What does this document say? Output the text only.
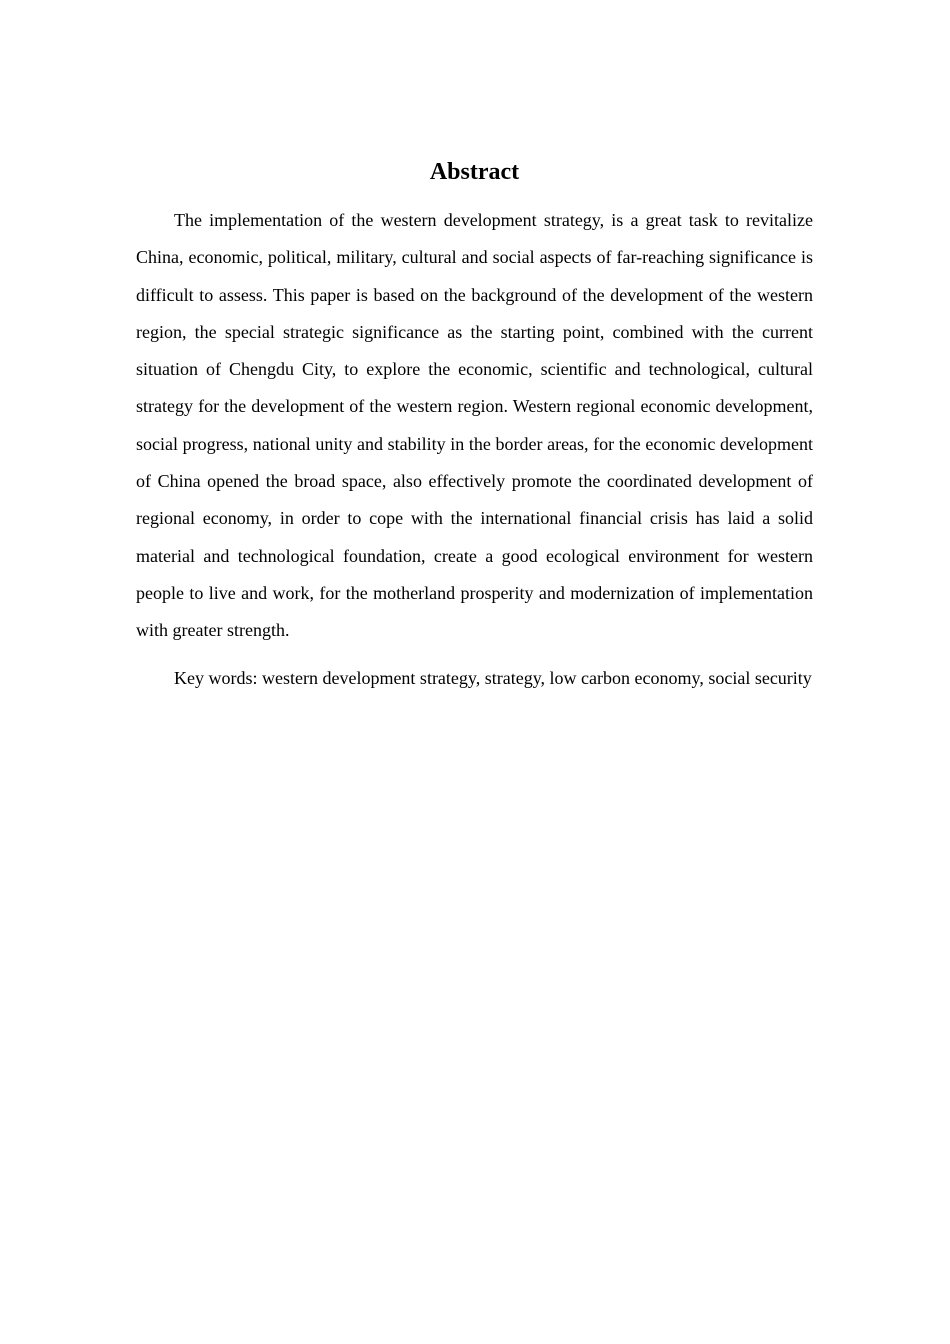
Abstract

The implementation of the western development strategy, is a great task to revitalize China, economic, political, military, cultural and social aspects of far-reaching significance is difficult to assess. This paper is based on the background of the development of the western region, the special strategic significance as the starting point, combined with the current situation of Chengdu City, to explore the economic, scientific and technological, cultural strategy for the development of the western region. Western regional economic development, social progress, national unity and stability in the border areas, for the economic development of China opened the broad space, also effectively promote the coordinated development of regional economy, in order to cope with the international financial crisis has laid a solid material and technological foundation, create a good ecological environment for western people to live and work, for the motherland prosperity and modernization of implementation with greater strength.

Key words: western development strategy, strategy, low carbon economy, social security
